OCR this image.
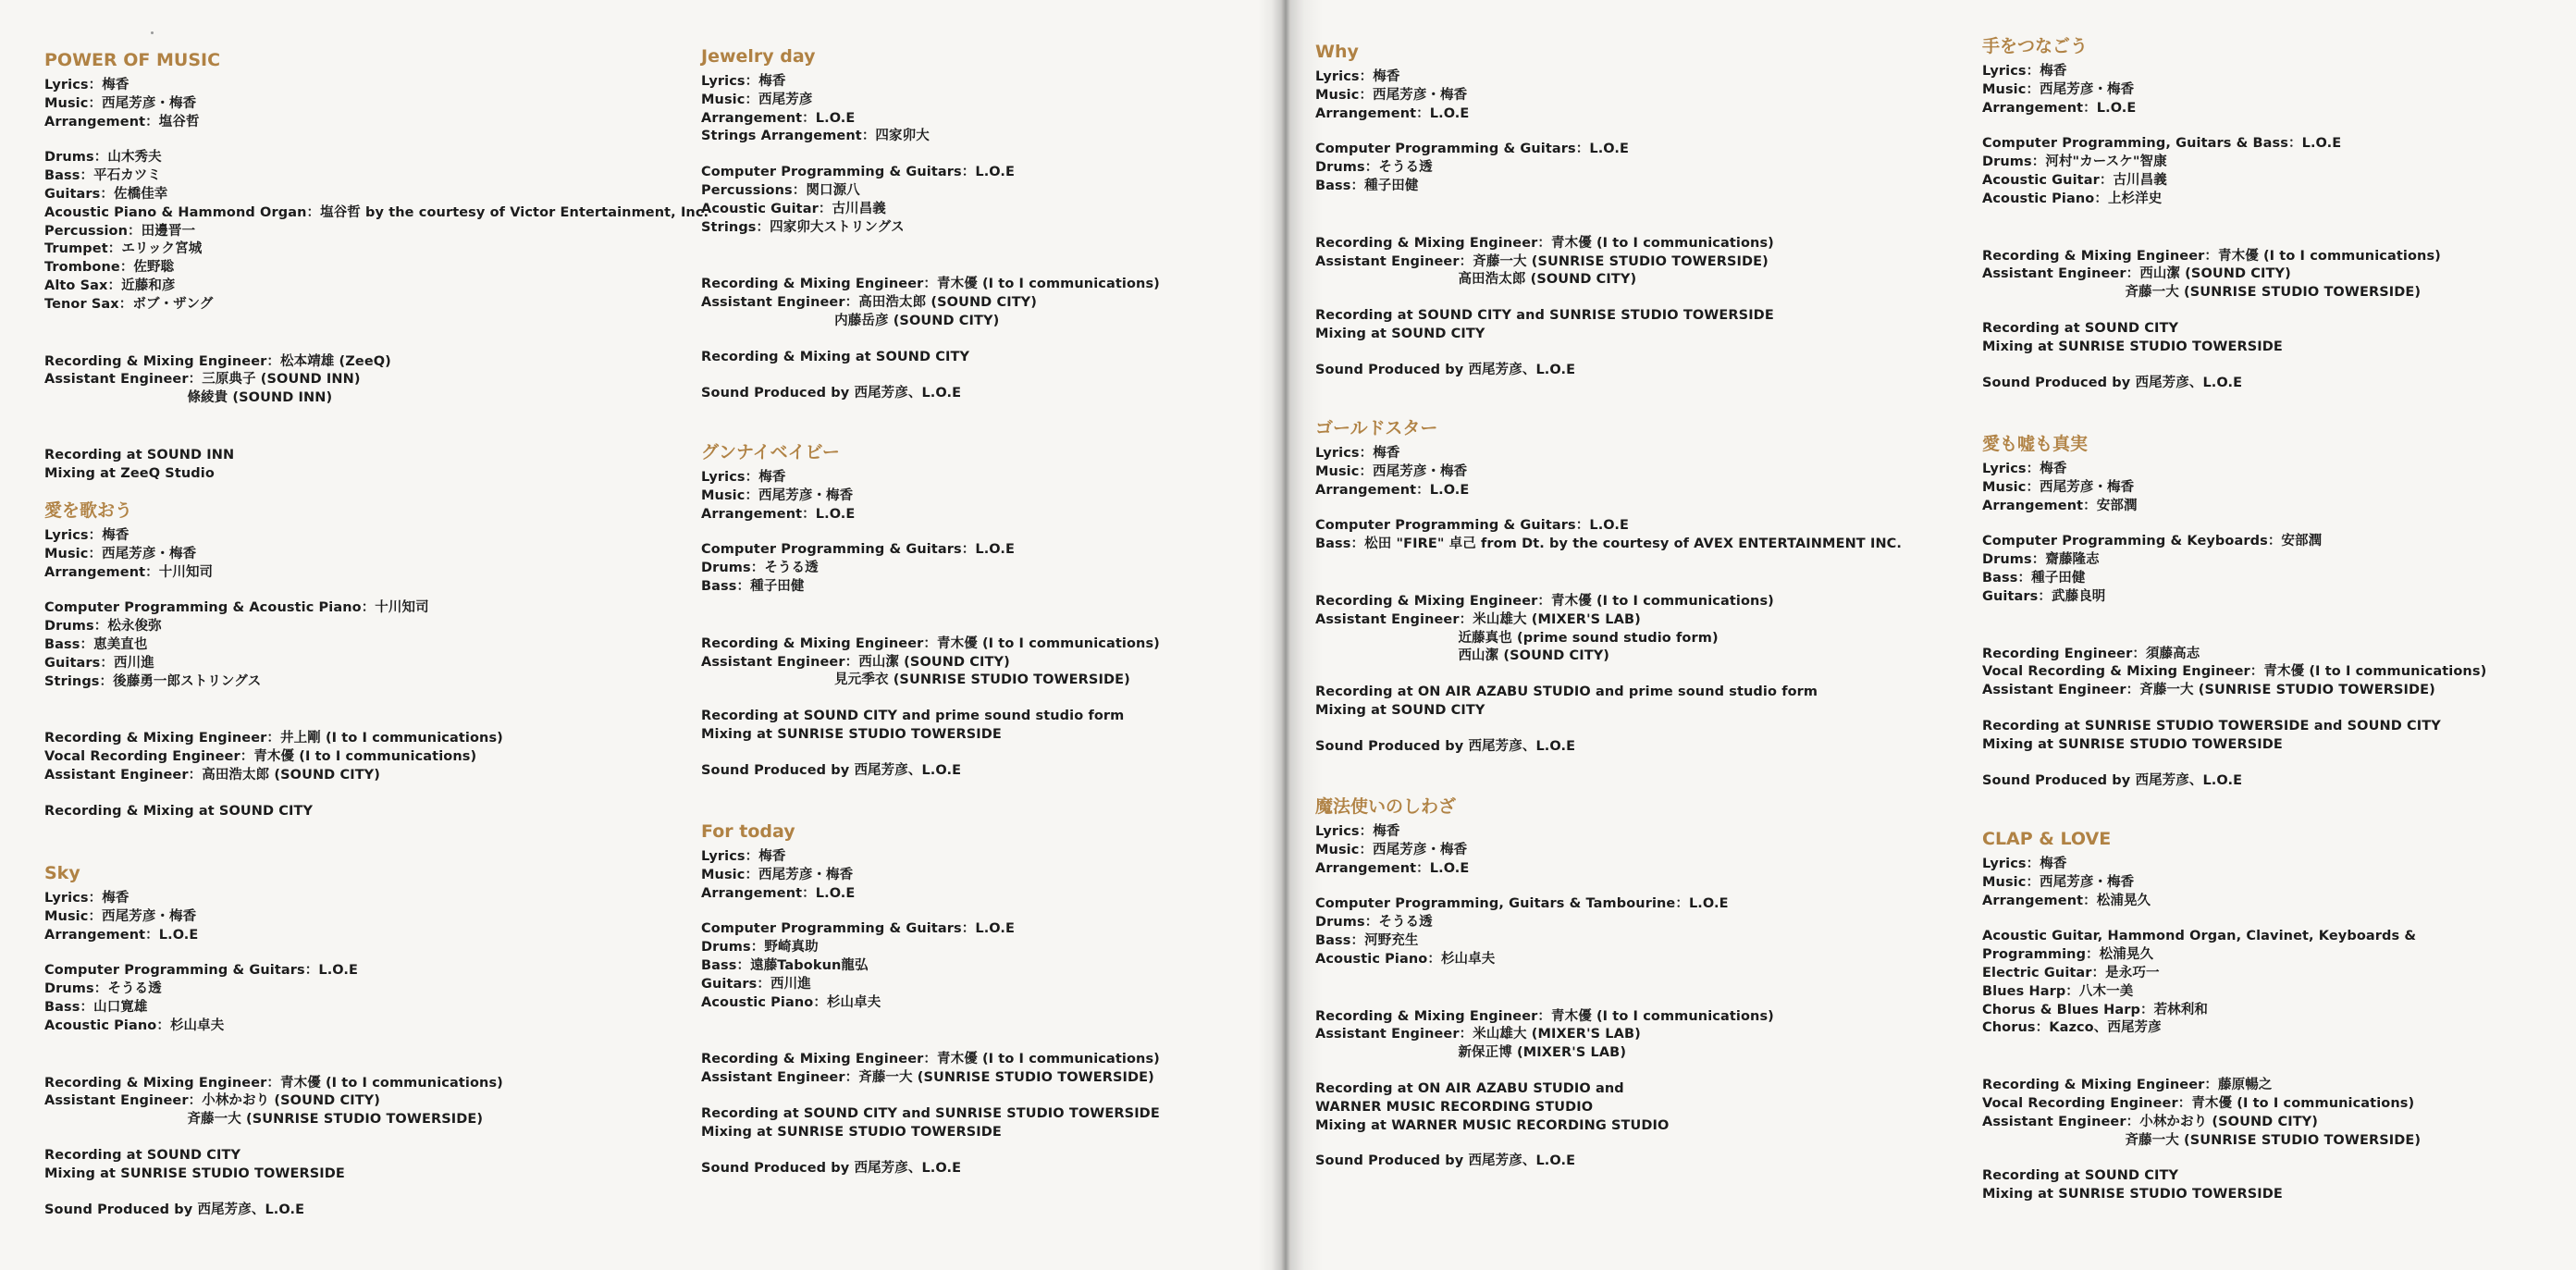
POWER OF MUSIC
Lyrics：梅香
Music：西尾芳彦・梅香
Arrangement：塩谷哲
Drums：山木秀夫
Bass：平石カツミ
Guitars：佐橋佳幸
Acoustic Piano & Hammond Organ：塩谷哲 by the courtesy of Victor Entertainment, Inc.
Percussion：田邊晋一
Trumpet：エリック宮城
Trombone：佐野聡
Alto Sax：近藤和彦
Tenor Sax：ボブ・ザング
Recording & Mixing Engineer：松本靖雄 (ZeeQ)
Assistant Engineer：三原典子 (SOUND INN)
條綾貴 (SOUND INN)
Recording at SOUND INN
Mixing at ZeeQ Studio
愛を歌おう
Lyrics：梅香
Music：西尾芳彦・梅香
Arrangement：十川知司
Computer Programming & Acoustic Piano：十川知司
Drums：松永俊弥
Bass：恵美直也
Guitars：西川進
Strings：後藤勇一郎ストリングス
Recording & Mixing Engineer：井上剛 (I to I communications)
Vocal Recording Engineer：青木優 (I to I communications)
Assistant Engineer：高田浩太郎 (SOUND CITY)
Recording & Mixing at SOUND CITY
Sky
Lyrics：梅香
Music：西尾芳彦・梅香
Arrangement：L.O.E
Computer Programming & Guitars：L.O.E
Drums：そうる透
Bass：山口寛雄
Acoustic Piano：杉山卓夫
Recording & Mixing Engineer：青木優 (I to I communications)
Assistant Engineer：小林かおり (SOUND CITY)
斉藤一大 (SUNRISE STUDIO TOWERSIDE)
Recording at SOUND CITY
Mixing at SUNRISE STUDIO TOWERSIDE
Sound Produced by 西尾芳彦、L.O.E
Jewelry day
Lyrics：梅香
Music：西尾芳彦
Arrangement：L.O.E
Strings Arrangement：四家卯大
Computer Programming & Guitars：L.O.E
Percussions：関口源八
Acoustic Guitar：古川昌義
Strings：四家卯大ストリングス
Recording & Mixing Engineer：青木優 (I to I communications)
Assistant Engineer：高田浩太郎 (SOUND CITY)
内藤岳彦 (SOUND CITY)
Recording & Mixing at SOUND CITY
Sound Produced by 西尾芳彦、L.O.E
グンナイベイビー
Lyrics：梅香
Music：西尾芳彦・梅香
Arrangement：L.O.E
Computer Programming & Guitars：L.O.E
Drums：そうる透
Bass：種子田健
Recording & Mixing Engineer：青木優 (I to I communications)
Assistant Engineer：西山潔 (SOUND CITY)
見元季衣 (SUNRISE STUDIO TOWERSIDE)
Recording at SOUND CITY and prime sound studio form
Mixing at SUNRISE STUDIO TOWERSIDE
Sound Produced by 西尾芳彦、L.O.E
For today
Lyrics：梅香
Music：西尾芳彦・梅香
Arrangement：L.O.E
Computer Programming & Guitars：L.O.E
Drums：野崎真助
Bass：遠藤Tabokun龍弘
Guitars：西川進
Acoustic Piano：杉山卓夫
Recording & Mixing Engineer：青木優 (I to I communications)
Assistant Engineer：斉藤一大 (SUNRISE STUDIO TOWERSIDE)
Recording at SOUND CITY and SUNRISE STUDIO TOWERSIDE
Mixing at SUNRISE STUDIO TOWERSIDE
Sound Produced by 西尾芳彦、L.O.E
Why
Lyrics：梅香
Music：西尾芳彦・梅香
Arrangement：L.O.E
Computer Programming & Guitars：L.O.E
Drums：そうる透
Bass：種子田健
Recording & Mixing Engineer：青木優 (I to I communications)
Assistant Engineer：斉藤一大 (SUNRISE STUDIO TOWERSIDE)
高田浩太郎 (SOUND CITY)
Recording at SOUND CITY and SUNRISE STUDIO TOWERSIDE
Mixing at SOUND CITY
Sound Produced by 西尾芳彦、L.O.E
ゴールドスター
Lyrics：梅香
Music：西尾芳彦・梅香
Arrangement：L.O.E
Computer Programming & Guitars：L.O.E
Bass：松田 "FIRE" 卓己 from Dt. by the courtesy of AVEX ENTERTAINMENT INC.
Recording & Mixing Engineer：青木優 (I to I communications)
Assistant Engineer：米山雄大 (MIXER'S LAB)
近藤真也 (prime sound studio form)
西山潔 (SOUND CITY)
Recording at ON AIR AZABU STUDIO and prime sound studio form
Mixing at SOUND CITY
Sound Produced by 西尾芳彦、L.O.E
魔法使いのしわざ
Lyrics：梅香
Music：西尾芳彦・梅香
Arrangement：L.O.E
Computer Programming, Guitars & Tambourine：L.O.E
Drums：そうる透
Bass：河野充生
Acoustic Piano：杉山卓夫
Recording & Mixing Engineer：青木優 (I to I communications)
Assistant Engineer：米山雄大 (MIXER'S LAB)
新保正博 (MIXER'S LAB)
Recording at ON AIR AZABU STUDIO and
WARNER MUSIC RECORDING STUDIO
Mixing at WARNER MUSIC RECORDING STUDIO
Sound Produced by 西尾芳彦、L.O.E
手をつなごう
Lyrics：梅香
Music：西尾芳彦・梅香
Arrangement：L.O.E
Computer Programming, Guitars & Bass：L.O.E
Drums：河村"カースケ"智康
Acoustic Guitar：古川昌義
Acoustic Piano：上杉洋史
Recording & Mixing Engineer：青木優 (I to I communications)
Assistant Engineer：西山潔 (SOUND CITY)
斉藤一大 (SUNRISE STUDIO TOWERSIDE)
Recording at SOUND CITY
Mixing at SUNRISE STUDIO TOWERSIDE
Sound Produced by 西尾芳彦、L.O.E
愛も嘘も真実
Lyrics：梅香
Music：西尾芳彦・梅香
Arrangement：安部潤
Computer Programming & Keyboards：安部潤
Drums：齋藤隆志
Bass：種子田健
Guitars：武藤良明
Recording Engineer：須藤高志
Vocal Recording & Mixing Engineer：青木優 (I to I communications)
Assistant Engineer：斉藤一大 (SUNRISE STUDIO TOWERSIDE)
Recording at SUNRISE STUDIO TOWERSIDE and SOUND CITY
Mixing at SUNRISE STUDIO TOWERSIDE
Sound Produced by 西尾芳彦、L.O.E
CLAP & LOVE
Lyrics：梅香
Music：西尾芳彦・梅香
Arrangement：松浦晃久
Acoustic Guitar, Hammond Organ, Clavinet, Keyboards &
Programming：松浦晃久
Electric Guitar：是永巧一
Blues Harp：八木一美
Chorus & Blues Harp：若林利和
Chorus：Kazco、西尾芳彦
Recording & Mixing Engineer：藤原暢之
Vocal Recording Engineer：青木優 (I to I communications)
Assistant Engineer：小林かおり (SOUND CITY)
斉藤一大 (SUNRISE STUDIO TOWERSIDE)
Recording at SOUND CITY
Mixing at SUNRISE STUDIO TOWERSIDE
